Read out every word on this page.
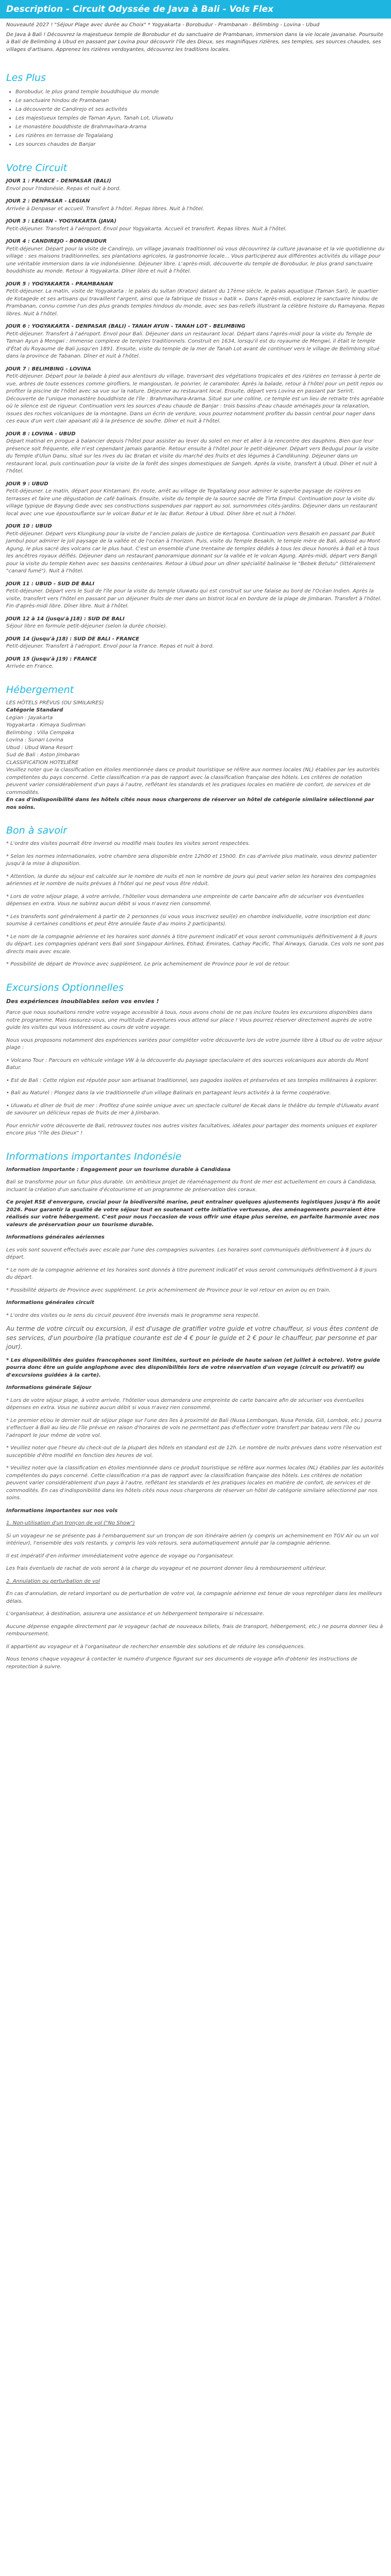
Description - Circuit Odyssée de Java à Bali - Vols Flex

Nouveauté 2027 ! "Séjour Plage avec durée au Choix" * Yogyakarta - Borobudur - Prambanan - Bélimbing - Lovina - Ubud

De Java à Bali ! Découvrez la majestueux temple de Borobudur et du sanctuaire de Prambanan, immersion dans la vie locale javanaise. Poursuite à Bali de Belimbing à Ubud en passant par Lovina pour découvrir l'île des Dieux, ses magnifiques rizières, ses temples, ses sources chaudes, ses villages d'artisans. Apprenez les rizières verdoyantes, découvrez les traditions locales.

Les Plus
• Borobudur, le plus grand temple bouddhique du monde
• Le sanctuaire hindou de Prambanan
• La découverte de Candirejo et ses activités
• Les majestueux temples de Taman Ayun, Tanah Lot, Uluwatu
• Le monastère bouddhiste de Brahmavihara-Arama
• Les rizières en terrasse de Tegalalang
• Les sources chaudes de Banjar
Votre Circuit

JOUR 1 : FRANCE - DENPASAR (BALI)

Envol pour l'Indonésie. Repas et nuit à bord.

JOUR 2 : DENPASAR - LEGIAN

Arrivée à Denpasar et accueil. Transfert à l'hôtel. Repas libres. Nuit à l'hôtel.

JOUR 3 : LEGIAN - YOGYAKARTA (JAVA)

Petit-déjeuner. Transfert à l'aéroport. Envol pour Yogyakarta. Accueil et transfert. Repas libres. Nuit à l'hôtel.

JOUR 4 : CANDIREJO - BOROBUDUR

Petit-déjeuner. Départ pour la visite de Candirejo, un village javanais traditionnel où vous découvrirez la culture javanaise et la vie quotidienne du village : ses maisons traditionnelles, ses plantations agricoles, la gastronomie locale... Vous participerez aux différentes activités du village pour une véritable immersion dans la vie indonésienne. Déjeuner libre. L'après-midi, découverte du temple de Borobudur, le plus grand sanctuaire bouddhiste au monde. Retour à Yogyakarta. Dîner libre et nuit à l'hôtel.

JOUR 5 : YOGYAKARTA - PRAMBANAN

Petit-déjeuner. La matin, visite de Yogyakarta : le palais du sultan (Kraton) datant du 17ème siècle, le palais aquatique (Taman Sari), le quartier de Kotagede et ses artisans qui travaillent l'argent, ainsi que la fabrique de tissus « batik ». Dans l'après-midi, explorez le sanctuaire hindou de Prambanan, connu comme l'un des plus grands temples hindous du monde, avec ses bas-reliefs illustrant la célèbre histoire du Ramayana. Repas libres. Nuit à l'hôtel.

JOUR 6 : YOGYAKARTA - DENPASAR (BALI) - TANAH AYUN - TANAH LOT - BELIMBING

Petit-déjeuner. Transfert à l'aéroport. Envol pour Bali. Déjeuner dans un restaurant local. Départ dans l'après-midi pour la visite du Temple de Taman Ayun à Mengwi : immense complexe de temples traditionnels. Construit en 1634, lorsqu'il est du royaume de Mengwi, il était le temple d'État du Royaume de Bali jusqu'en 1891. Ensuite, visite du temple de la mer de Tanah Lot avant de continuer vers le village de Belimbing situé dans la province de Tabanan. Dîner et nuit à l'hôtel.

JOUR 7 : BELIMBING - LOVINA

Petit-déjeuner. Départ pour la balade à pied aux alentours du village, traversant des végétations tropicales et des rizières en terrasse à perte de vue, arbres de toute essences comme girofliers, le mangoustan, le poivrier, le caramboler. Après la balade, retour à l'hôtel pour un petit repos ou profiter la piscine de l'hôtel avec sa vue sur la nature. Déjeuner au restaurant local. Ensuite, départ vers Lovina en passant par Seririt. Découverte de l'unique monastère bouddhiste de l'île : Brahmavihara-Arama. Situé sur une colline, ce temple est un lieu de retraite très agréable où le silence est de rigueur. Continuation vers les sources d'eau chaude de Banjar : trois bassins d'eau chaude aménagés pour la relaxation, issues des roches volcaniques de la montagne. Dans un écrin de verdure, vous pourrez notamment profiter du bassin central pour nager dans ces eaux d'un vert clair apaisant dû à la présence de soufre. Dîner et nuit à l'hôtel.

JOUR 8 : LOVINA - UBUD

Départ matinal en pirogue à balancier depuis l'hôtel pour assister au lever du soleil en mer et aller à la rencontre des dauphins. Bien que leur présence soit fréquente, elle n'est cependant jamais garantie. Retour ensuite à l'hôtel pour le petit-déjeuner. Départ vers Bedugul pour la visite du Temple d'Ulun Danu, situé sur les rives du lac Bratan et visite du marché des fruits et des légumes à Candikuning. Déjeuner dans un restaurant local, puis continuation pour la visite de la forêt des singes domestiques de Sangeh. Après la visite, transfert à Ubud. Dîner et nuit à l'hôtel.

JOUR 9 : UBUD

Petit-déjeuner. Le matin, départ pour Kintamani. En route, arrêt au village de Tegallalang pour admirer le superbe paysage de rizières en terrasses et faire une dégustation de café balinais. Ensuite, visite du temple de la source sacrée de Tirta Empul. Continuation pour la visite du village typique de Bayung Gede avec ses constructions suspendues par rapport au sol, surnommées cités-jardins. Déjeuner dans un restaurant local avec une vue époustouflante sur le volcan Batur et le lac Batur. Retour à Ubud. Dîner libre et nuit à l'hôtel.

JOUR 10 : UBUD

Petit-déjeuner. Départ vers Klungkung pour la visite de l'ancien palais de justice de Kertagosa. Continuation vers Besakih en passant par Bukit Jambul pour admirer le joli paysage de la vallée et de l'océan à l'horizon. Puis, visite du Temple Besakih, le temple mère de Bali, adossé au Mont Agung, le plus sacré des volcans car le plus haut. C'est un ensemble d'une trentaine de temples dédiés à tous les dieux honorés à Bali et à tous les ancêtres royaux déifiés. Déjeuner dans un restaurant panoramique donnant sur la vallée et le volcan Agung. Après-midi, départ vers Bangli pour la visite du temple Kehen avec ses bassins centenaires. Retour à Ubud pour un dîner spécialité balinaise le "Bebek Betutu" (littéralement "canard fumé"). Nuit à l'hôtel.

JOUR 11 : UBUD - SUD DE BALI

Petit-déjeuner. Départ vers le Sud de l'île pour la visite du temple Uluwatu qui est construit sur une falaise au bord de l'Océan Indien. Après la visite, transfert vers l'hôtel en passant par un déjeuner fruits de mer dans un bistrot local en bordure de la plage de Jimbaran. Transfert à l'hôtel. Fin d'après-midi libre. Dîner libre. Nuit à l'hôtel.

JOUR 12 à 14 (jusqu'à J18) : SUD DE BALI

Séjour libre en formule petit-déjeuner (selon la durée choisie).

JOUR 14 (jusqu'à J18) : SUD DE BALI - FRANCE

Petit-déjeuner. Transfert à l'aéroport. Envol pour la France. Repas et nuit à bord.

JOUR 15 (jusqu'à J19) : FRANCE

Arrivée en France.

Hébergement

LES HÔTELS PRÉVUS (OU SIMILAIRES)

Catégorie Standard

Legian : Jayakarta

Yogyakarta : Kimaya Sudirman

Belimbing : Villa Cempaka

Lovina : Sunari Lovina

Ubud : Ubud Wana Resort

Sud de Bali : Aston Jimbaran

CLASSIFICATION HOTELIÈRE

Veuillez noter que la classification en étoiles mentionnée dans ce produit touristique se réfère aux normes locales (NL) établies par les autorités compétentes du pays concerné. Cette classification n'a pas de rapport avec la classification française des hôtels. Les critères de notation peuvent varier considérablement d'un pays à l'autre, reflétant les standards et les pratiques locales en matière de confort, de services et de commodités.

En cas d'indisponibilité dans les hôtels cités nous nous chargerons de réserver un hôtel de catégorie similaire sélectionné par nos soins.

Bon à savoir

* L'ordre des visites pourrait être inversé ou modifié mais toutes les visites seront respectées.

* Selon les normes internationales, votre chambre sera disponible entre 12h00 et 15h00. En cas d'arrivée plus matinale, vous devrez patienter jusqu'à la mise à disposition.

* Attention, la durée du séjour est calculée sur le nombre de nuits et non le nombre de jours qui peut varier selon les horaires des compagnies aériennes et le nombre de nuits prévues à l'hôtel qui ne peut vous être réduit.

* Lors de votre séjour plage, à votre arrivée, l'hôtelier vous demandera une empreinte de carte bancaire afin de sécuriser vos éventuelles dépenses en extra. Vous ne subirez aucun débit si vous n'avez rien consommé.

* Les transferts sont généralement à partir de 2 personnes (si vous vous inscrivez seul(e) en chambre individuelle, votre inscription est donc soumise à certaines conditions et peut être annulée faute d'au moins 2 participants).

* Le nom de la compagnie aérienne et les horaires sont donnés à titre purement indicatif et vous seront communiqués définitivement à 8 jours du départ. Les compagnies opérant vers Bali sont Singapour Airlines, Etihad, Emirates, Cathay Pacific, Thaï Airways, Garuda. Ces vols ne sont pas directs mais avec escale.

* Possibilité de départ de Province avec supplément. Le prix acheminement de Province pour le vol de retour.

Excursions Optionnelles

Des expériences inoubliables selon vos envies !

Parce que nous souhaitons rendre votre voyage accessible à tous, nous avons choisi de ne pas inclure toutes les excursions disponibles dans notre programme. Mais rassurez-vous, une multitude d'aventures vous attend sur place ! Vous pourrez réserver directement auprès de votre guide les visites qui vous intéressent au cours de votre voyage.

Nous vous proposons notamment des expériences variées pour compléter votre découverte lors de votre journée libre à Ubud ou de votre séjour plage :

• Volcano Tour : Parcours en véhicule vintage VW à la découverte du paysage spectaculaire et des sources volcaniques aux abords du Mont Batur.

• Est de Bali : Cette région est réputée pour son artisanat traditionnel, ses pagodes isolées et préservées et ses temples millénaires à explorer.

• Bali au Naturel : Plongez dans la vie traditionnelle d'un village Balinais en partageant leurs activités à la ferme coopérative.

• Uluwatu et dîner de fruit de mer : Profitez d'une soirée unique avec un spectacle culturel de Kecak dans le théâtre du temple d'Uluwatu avant de savourer un délicieux repas de fruits de mer à Jimbaran.

Pour enrichir votre découverte de Bali, retrouvez toutes nos autres visites facultatives, idéales pour partager des moments uniques et explorer encore plus "l'île des Dieux" !

Informations importantes Indonésie

Information Importante : Engagement pour un tourisme durable à Candidasa

Bali se transforme pour un futur plus durable. Un ambitieux projet de réaménagement du front de mer est actuellement en cours à Candidasa, incluant la création d'un sanctuaire d'écotourisme et un programme de préservation des coraux.

Ce projet RSE d'envergure, crucial pour la biodiversité marine, peut entraîner quelques ajustements logistiques jusqu'à fin août 2026. Pour garantir la qualité de votre séjour tout en soutenant cette initiative vertueuse, des aménagements pourraient être réalisés sur votre hébergement. C'est pour nous l'occasion de vous offrir une étape plus sereine, en parfaite harmonie avec nos valeurs de préservation pour un tourisme durable.

Informations générales aériennes

Les vols sont souvent effectués avec escale par l'une des compagnies suivantes. Les horaires sont communiqués définitivement à 8 jours du départ.

* Le nom de la compagnie aérienne et les horaires sont donnés à titre purement indicatif et vous seront communiqués définitivement à 8 jours du départ.

* Possibilité départs de Province avec supplément. Le prix acheminement de Province pour le vol retour en avion ou en train.

Informations générales circuit

* L'ordre des visites ou le sens du circuit peuvent être inversés mais le programme sera respecté.

Au terme de votre circuit ou excursion, il est d'usage de gratifier votre guide et votre chauffeur, si vous êtes content de ses services, d'un pourboire (la pratique courante est de 4 € pour le guide et 2 € pour le chauffeur, par personne et par jour).

* Les disponibilités des guides francophones sont limitées, surtout en période de haute saison (et juillet à octobre). Votre guide pourra donc être un guide anglophone avec des disponibilités lors de votre réservation d'un voyage (circuit ou privatif) ou d'excursions guidées à la carte).

Informations générale Séjour

* Lors de votre séjour plage, à votre arrivée, l'hôtelier vous demandera une empreinte de carte bancaire afin de sécuriser vos éventuelles dépenses en extra. Vous ne subirez aucun débit si vous n'avez rien consommé.

* Le premier et/ou le dernier nuit de séjour plage sur l'une des îles à proximité de Bali (Nusa Lembongan, Nusa Penida, Gili, Lombok, etc.) pourra s'effectuer à Bali au lieu de l'île prévue en raison d'horaires de vols ne permettant pas d'effectuer votre transfert par bateau vers l'île ou l'aéroport le jour même de votre vol.

* Veuillez noter que l'heure du check-out de la plupart des hôtels en standard est de 12h. Le nombre de nuits prévues dans votre réservation est susceptible d'être modifié en fonction des heures de vol.

* Veuillez noter que la classification en étoiles mentionnée dans ce produit touristique se réfère aux normes locales (NL) établies par les autorités compétentes du pays concerné. Cette classification n'a pas de rapport avec la classification française des hôtels. Les critères de notation peuvent varier considérablement d'un pays à l'autre, reflétant les standards et les pratiques locales en matière de confort, de services et de commodités. En cas d'indisponibilité dans les hôtels cités nous nous chargerons de réserver un hôtel de catégorie similaire sélectionné par nos soins.

Informations importantes sur nos vols

1. Non-utilisation d'un tronçon de vol ("No Show")

Si un voyageur ne se présente pas à l'embarquement sur un tronçon de son itinéraire aérien (y compris un acheminement en TGV Air ou un vol intérieur), l'ensemble des vols restants, y compris les vols retours, sera automatiquement annulé par la compagnie aérienne.

Il est impératif d'en informer immédiatement votre agence de voyage ou l'organisateur.

Les frais éventuels de rachat de vols seront à la charge du voyageur et ne pourront donner lieu à remboursement ultérieur.

2. Annulation ou perturbation de vol

En cas d'annulation, de retard important ou de perturbation de votre vol, la compagnie aérienne est tenue de vous reprotéger dans les meilleurs délais.

L'organisateur, à destination, assurera une assistance et un hébergement temporaire si nécessaire.

Aucune dépense engagée directement par le voyageur (achat de nouveaux billets, frais de transport, hébergement, etc.) ne pourra donner lieu à remboursement.

Il appartient au voyageur et à l'organisateur de rechercher ensemble des solutions et de réduire les conséquences.

Nous tenons chaque voyageur à contacter le numéro d'urgence figurant sur ses documents de voyage afin d'obtenir les instructions de reprotection à suivre.
